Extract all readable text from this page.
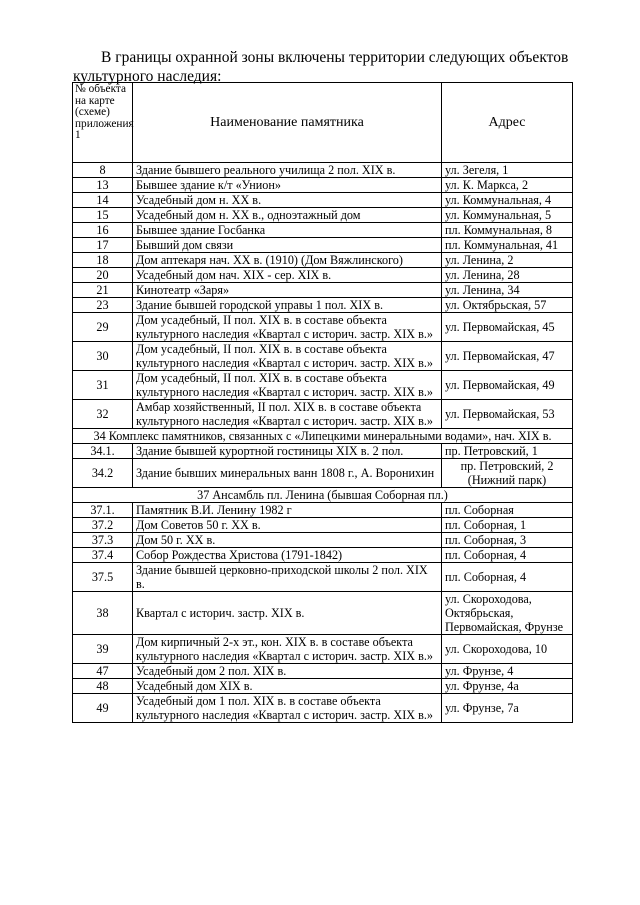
В границы охранной зоны включены территории следующих объектов культурного наследия:

№ объекта на карте (схеме) приложения 1	Наименование памятника	Адрес
8	Здание бывшего реального училища 2 пол. XIX в.	ул. Зегеля, 1
13	Бывшее здание к/т «Унион»	ул. К. Маркса, 2
14	Усадебный дом н. XX в.	ул. Коммунальная, 4
15	Усадебный дом н. XX в., одноэтажный дом	ул. Коммунальная, 5
16	Бывшее здание Госбанка	пл. Коммунальная, 8
17	Бывший дом связи	пл. Коммунальная, 41
18	Дом аптекаря нач. XX в. (1910) (Дом Вяжлинского)	ул. Ленина, 2
20	Усадебный дом нач. XIX - сер. XIX в.	ул. Ленина, 28
21	Кинотеатр «Заря»	ул. Ленина, 34
23	Здание бывшей городской управы 1 пол. XIX в.	ул. Октябрьская, 57
29	Дом усадебный, II пол. XIX в. в составе объекта культурного наследия «Квартал с историч. застр. XIX в.»	ул. Первомайская, 45
30	Дом усадебный, II пол. XIX в. в составе объекта культурного наследия «Квартал с историч. застр. XIX в.»	ул. Первомайская, 47
31	Дом усадебный, II пол. XIX в. в составе объекта культурного наследия «Квартал с историч. застр. XIX в.»	ул. Первомайская, 49
32	Амбар хозяйственный, II пол. XIX в. в составе объекта культурного наследия «Квартал с историч. застр. XIX в.»	ул. Первомайская, 53
34 Комплекс памятников, связанных с «Липецкими минеральными водами», нач. XIX в.		
34.1.	Здание бывшей курортной гостиницы XIX в. 2 пол.	пр. Петровский, 1
34.2	Здание бывших минеральных ванн 1808 г., А. Воронихин	пр. Петровский, 2 (Нижний парк)
37 Ансамбль пл. Ленина (бывшая Соборная пл.)		
37.1.	Памятник В.И. Ленину 1982 г	пл. Соборная
37.2	Дом Советов 50 г. XX в.	пл. Соборная, 1
37.3	Дом 50 г. XX в.	пл. Соборная, 3
37.4	Собор Рождества Христова (1791-1842)	пл. Соборная, 4
37.5	Здание бывшей церковно-приходской школы 2 пол. XIX в.	пл. Соборная, 4
38	Квартал с историч. застр. XIX в.	ул. Скороходова, Октябрьская, Первомайская, Фрунзе
39	Дом кирпичный 2-х эт., кон. XIX в. в составе объекта культурного наследия «Квартал с историч. застр. XIX в.»	ул. Скороходова, 10
47	Усадебный дом 2 пол. XIX в.	ул. Фрунзе, 4
48	Усадебный дом XIX в.	ул. Фрунзе, 4а
49	Усадебный дом 1 пол. XIX в. в составе объекта культурного наследия «Квартал с историч. застр. XIX в.»	ул. Фрунзе, 7а
